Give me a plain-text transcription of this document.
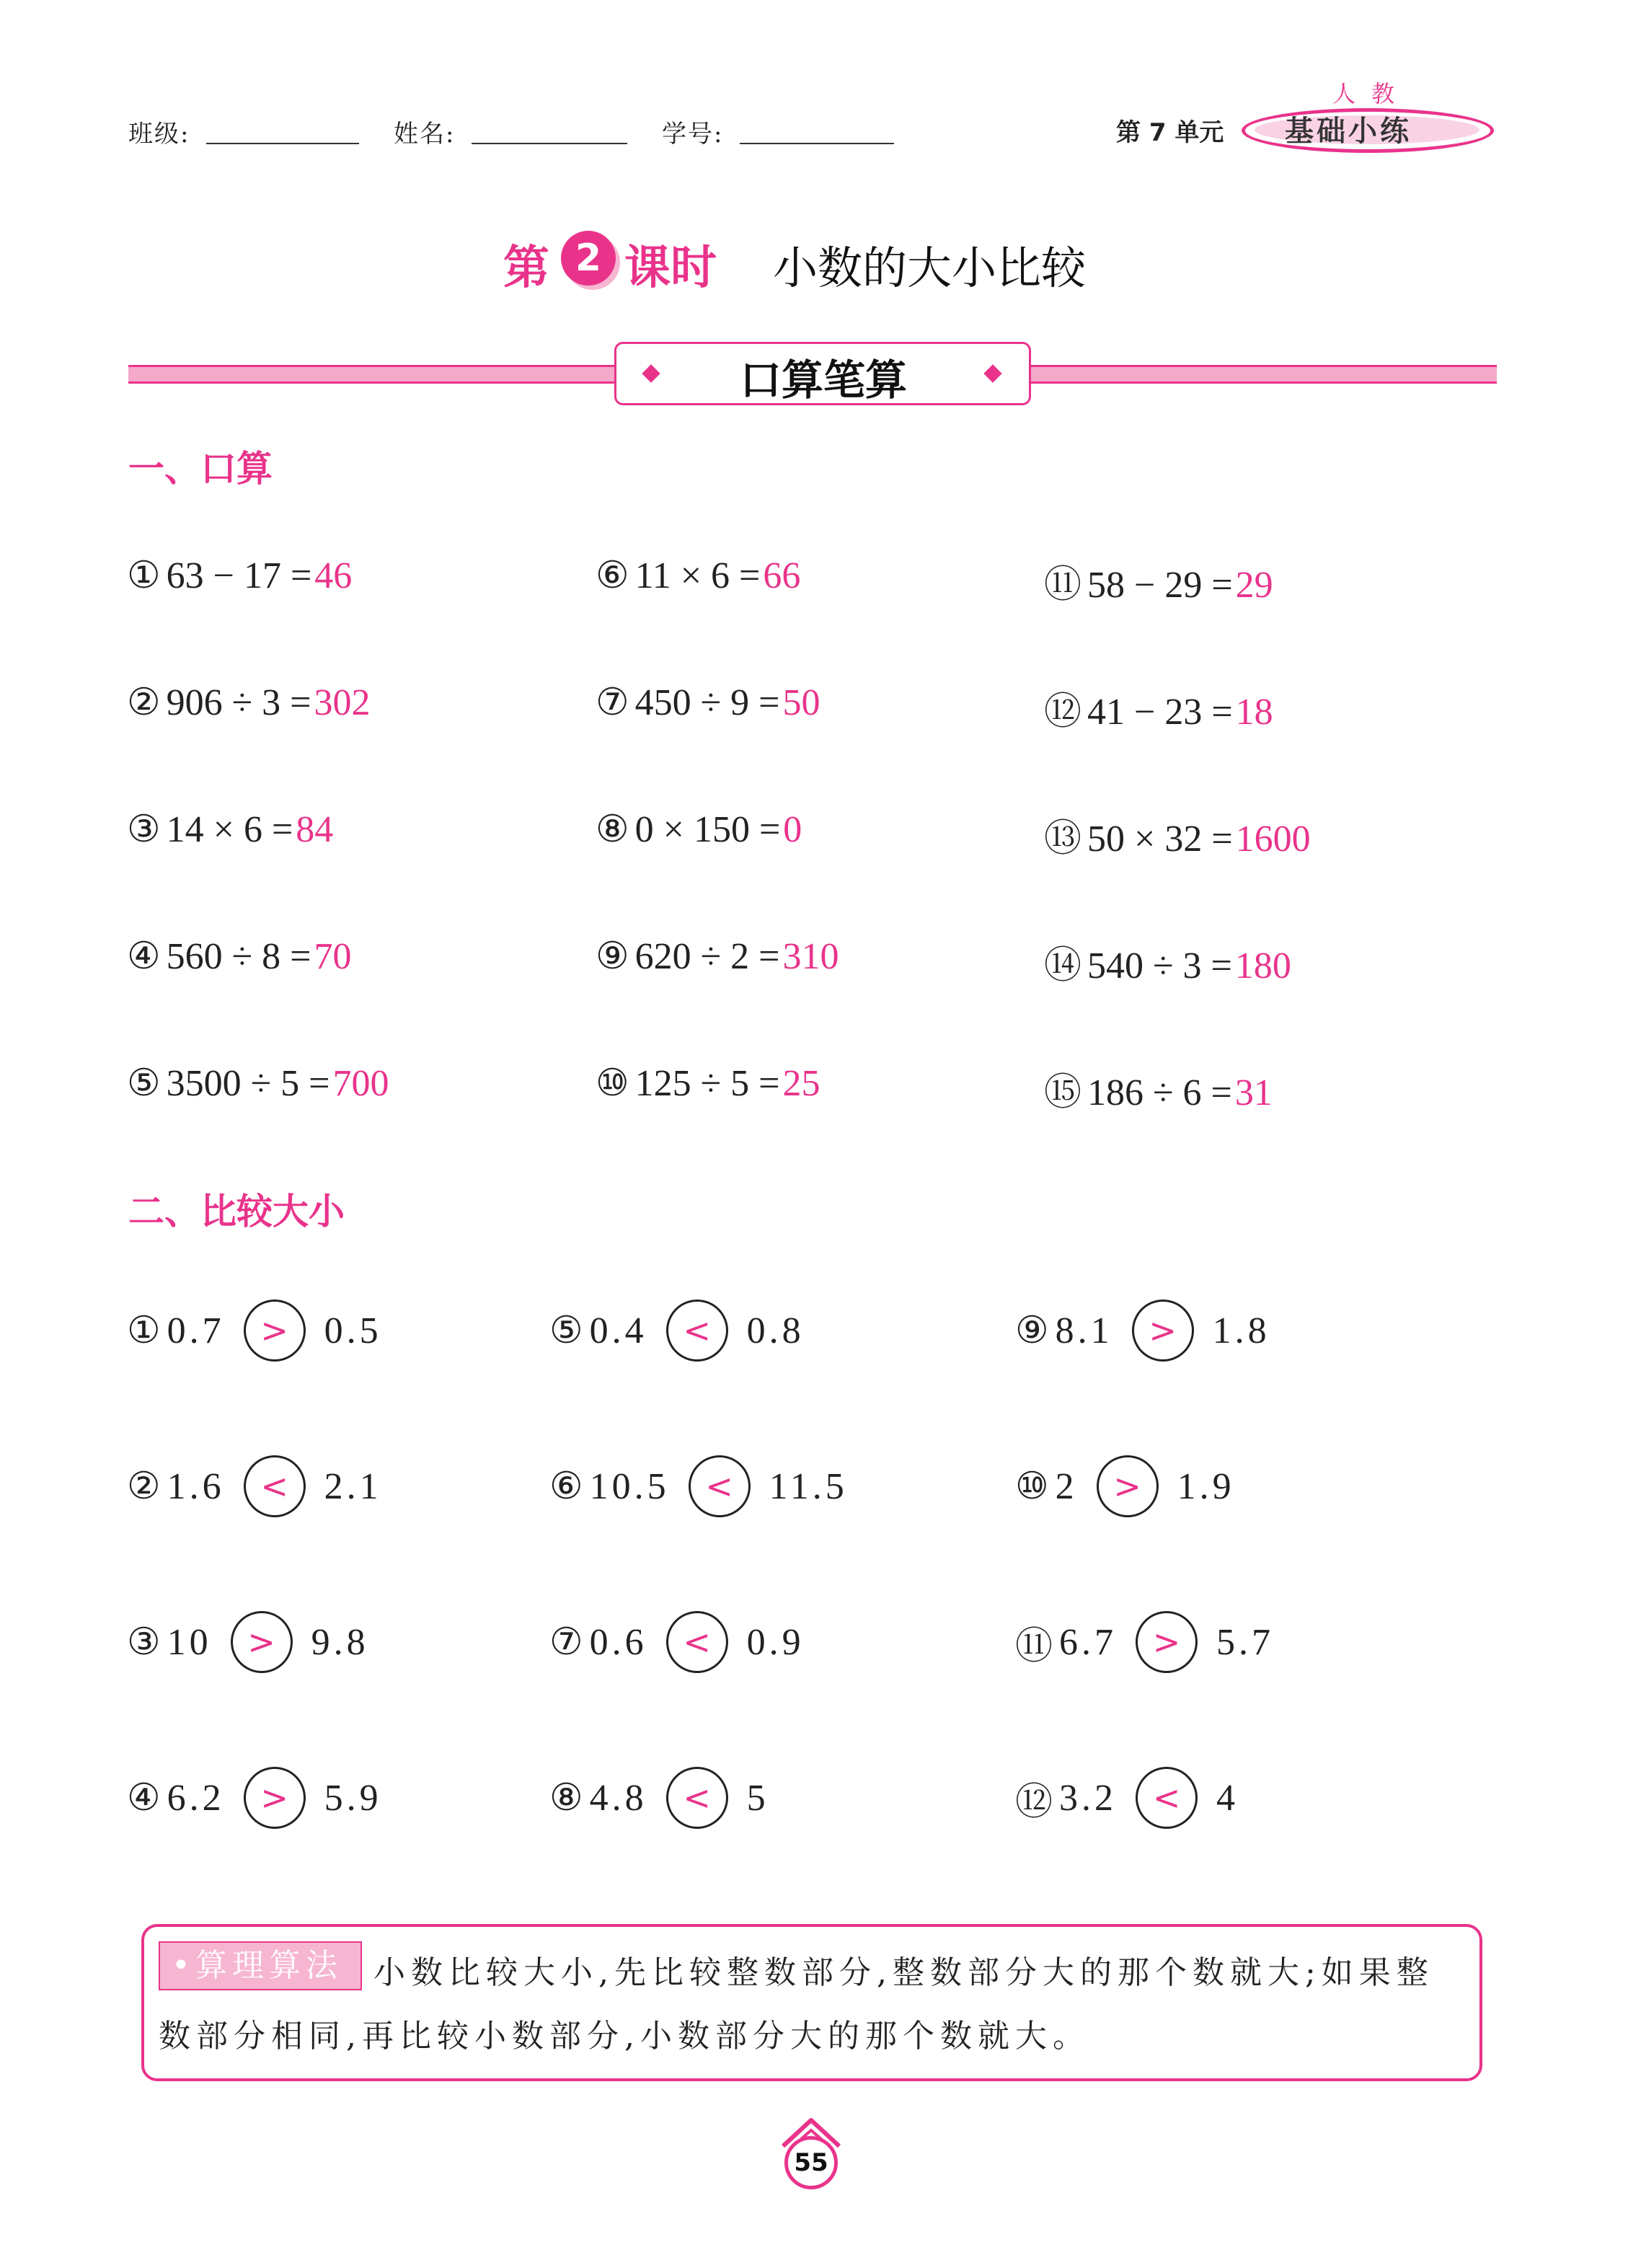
班级:	姓名:	学号:	第 7 单元
人教
基础小练
第 2 课时 小数的大小比较
口算笔算
一、口算
① 63 − 17 =46
② 906 ÷ 3 =302
③ 14 × 6 =84
④ 560 ÷ 8 =70
⑤ 3500 ÷ 5 =700
⑥ 11 × 6 =66
⑦ 450 ÷ 9 =50
⑧ 0 × 150 =0
⑨ 620 ÷ 2 =310
⑩ 125 ÷ 5 =25
⑪ 58 − 29 =29
⑫ 41 − 23 =18
⑬ 50 × 32 =1600
⑭ 540 ÷ 3 =180
⑮ 186 ÷ 6 =31
二、比较大小
① 0.7	> 0.5
② 1.6	< 2.1
③ 10	> 9.8
④ 6.2	> 5.9
⑤ 0.4	< 0.8
⑥ 10.5	< 11.5
⑦ 0.6	< 0.9
⑧ 4.8	< 5
⑨ 8.1	> 1.8
⑩ 2	> 1.9
⑪ 6.7	> 5.7
⑫ 3.2	< 4
小数比较大小,先比较整数部分,整数部分大的那个数就大;如果整数部分相同,再比较小数部分,小数部分大的那个数就大。
•算理算法
55
